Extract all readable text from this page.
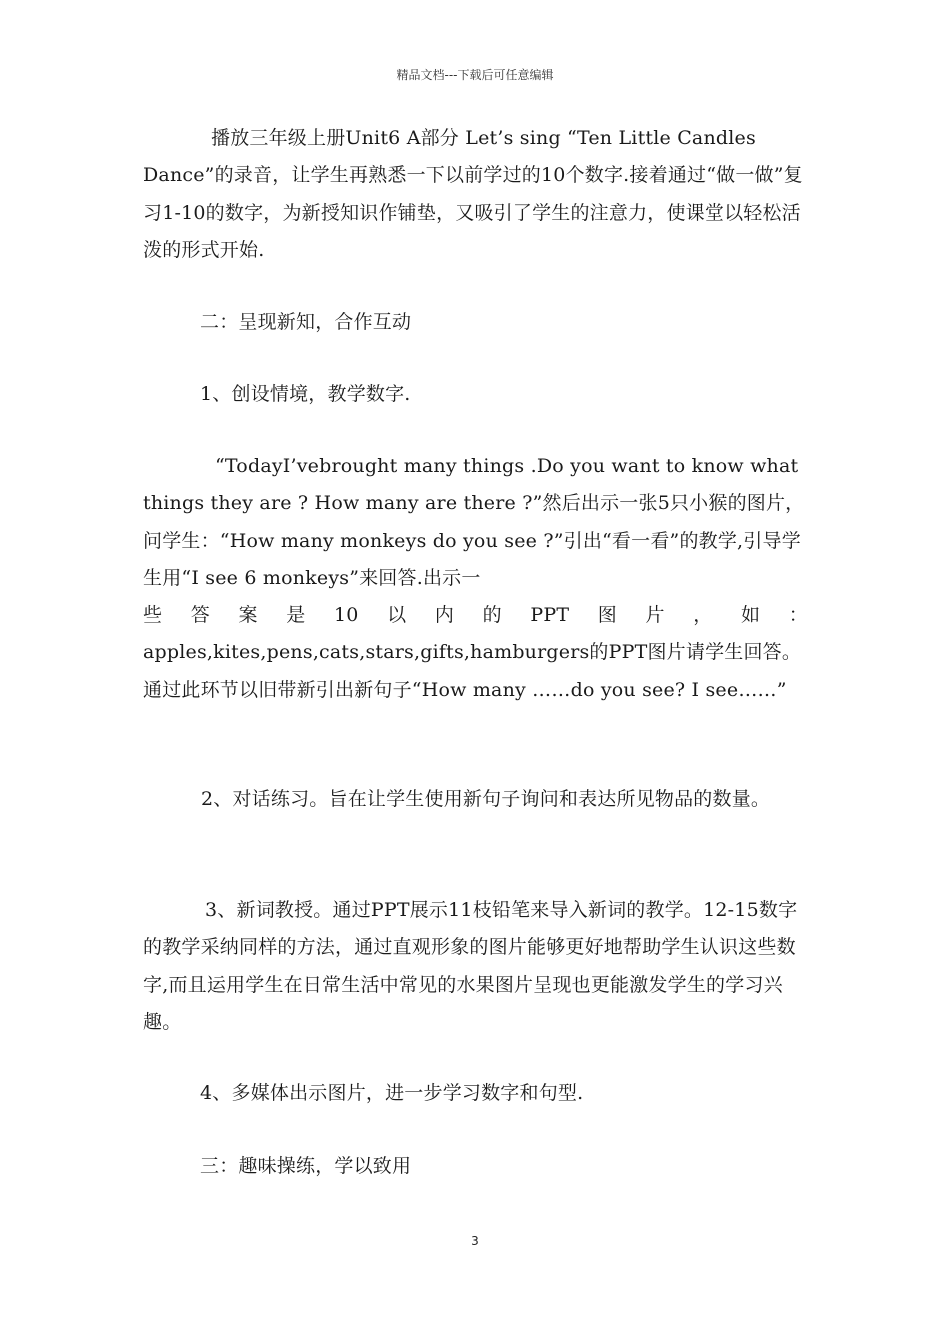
精品文档---下载后可任意编辑
播放三年级上册Unit6 A部分 Let’s sing “Ten Little Candles Dance”的录音，让学生再熟悉一下以前学过的10个数字.接着通过“做一做”复习1-10的数字，为新授知识作铺垫，又吸引了学生的注意力，使课堂以轻松活泼的形式开始.
二：呈现新知，合作互动
1、创设情境，教学数字.
“TodayI’vebrought many things .Do you want to know what things they are ? How many are there ?”然后出示一张5只小猴的图片，问学生：“How many monkeys do you see ?”引出“看一看”的教学,引导学生用“I see 6 monkeys”来回答.出示一
些 答 案 是 10 以 内 的 PPT 图 片 ， 如 ：
apples,kites,pens,cats,stars,gifts,hamburgers的PPT图片请学生回答。通过此环节以旧带新引出新句子“How many ……do you see? I see……”
2、对话练习。旨在让学生使用新句子询问和表达所见物品的数量。
3、新词教授。通过PPT展示11枝铅笔来导入新词的教学。12-15数字的教学采纳同样的方法，通过直观形象的图片能够更好地帮助学生认识这些数字,而且运用学生在日常生活中常见的水果图片呈现也更能激发学生的学习兴趣。
4、多媒体出示图片，进一步学习数字和句型.
三：趣味操练，学以致用
3
